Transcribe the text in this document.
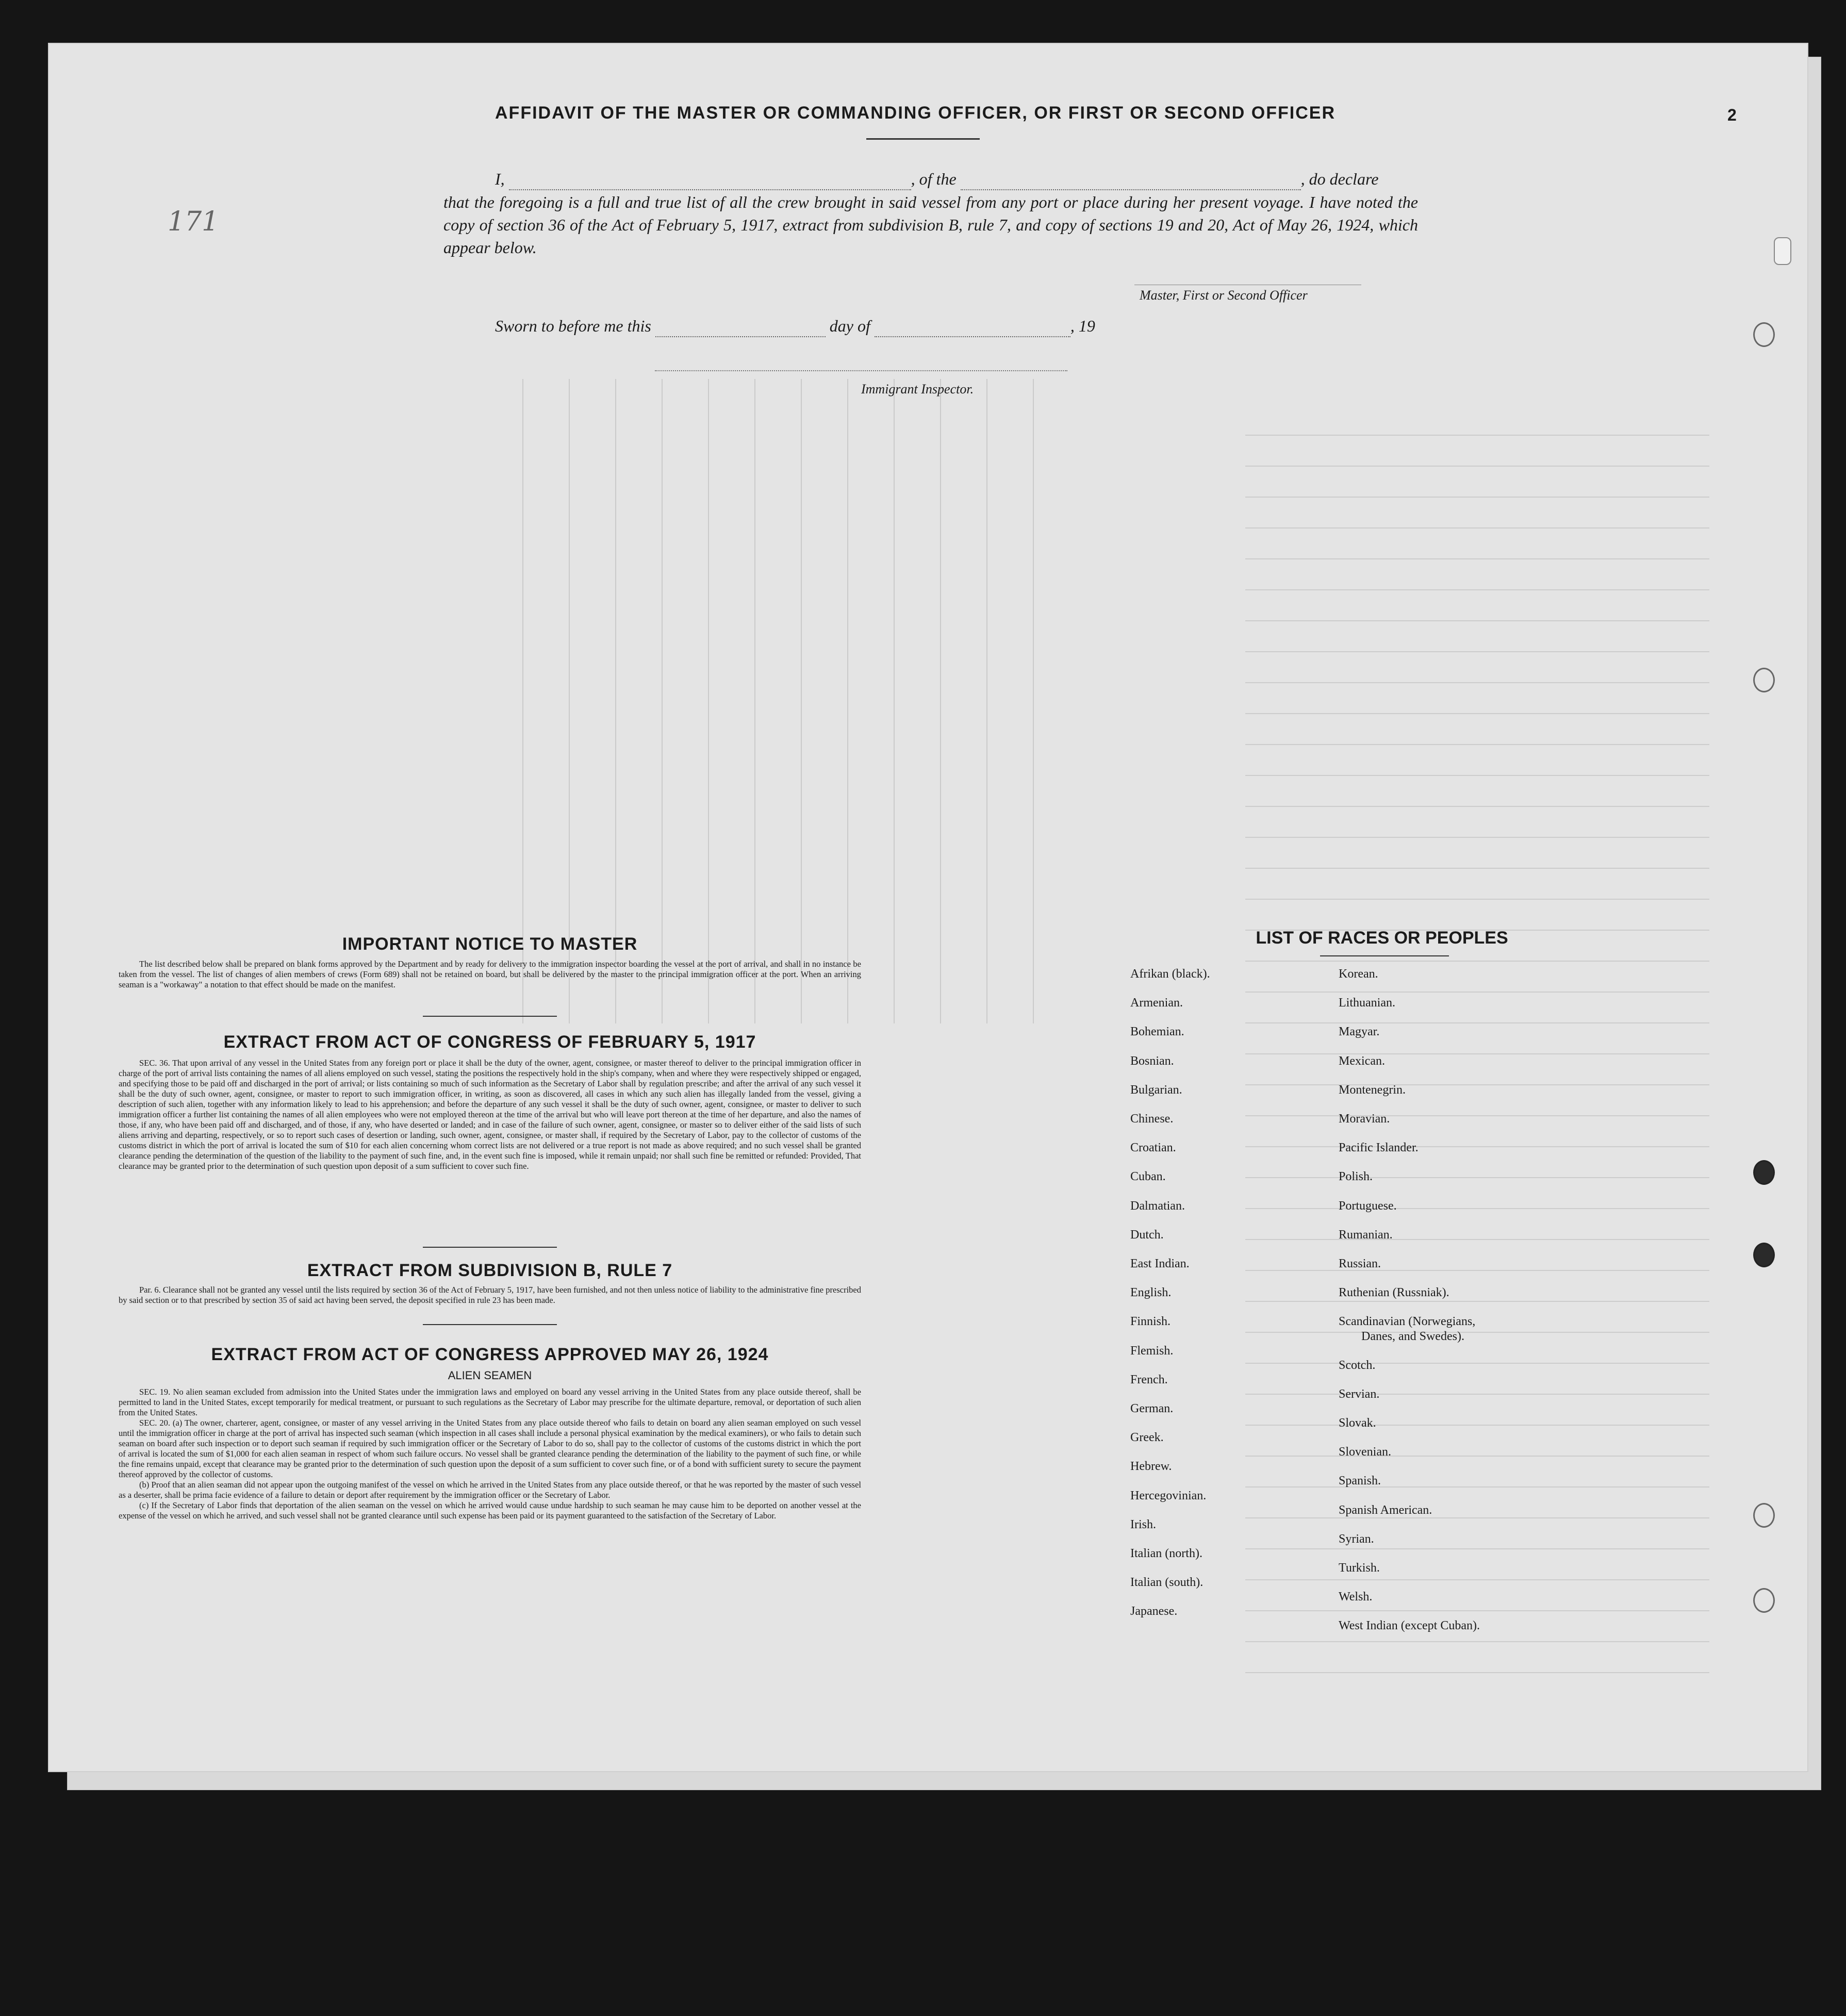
AFFIDAVIT OF THE MASTER OR COMMANDING OFFICER, OR FIRST OR SECOND OFFICER
I,	, of the	, do declare
that the foregoing is a full and true list of all the crew brought in said vessel from any port or place during her present voyage. I have noted the copy of section 36 of the Act of February 5, 1917, extract from subdivision B, rule 7, and copy of sections 19 and 20, Act of May 26, 1924, which appear below.
Master, First or Second Officer
Sworn to before me this	day of	, 19
Immigrant Inspector.
171
2
IMPORTANT NOTICE TO MASTER

The list described below shall be prepared on blank forms approved by the Department and by ready for delivery to the immigration inspector boarding the vessel at the port of arrival, and shall in no instance be taken from the vessel. The list of changes of alien members of crews (Form 689) shall not be retained on board, but shall be delivered by the master to the principal immigration officer at the port. When an arriving seaman is a "workaway" a notation to that effect should be made on the manifest.

EXTRACT FROM ACT OF CONGRESS OF FEBRUARY 5, 1917

SEC. 36. That upon arrival of any vessel in the United States from any foreign port or place it shall be the duty of the owner, agent, consignee, or master thereof to deliver to the principal immigration officer in charge of the port of arrival lists containing the names of all aliens employed on such vessel, stating the positions the respectively hold in the ship's company, when and where they were respectively shipped or engaged, and specifying those to be paid off and discharged in the port of arrival; or lists containing so much of such information as the Secretary of Labor shall by regulation prescribe; and after the arrival of any such vessel it shall be the duty of such owner, agent, consignee, or master to report to such immigration officer, in writing, as soon as discovered, all cases in which any such alien has illegally landed from the vessel, giving a description of such alien, together with any information likely to lead to his apprehension; and before the departure of any such vessel it shall be the duty of such owner, agent, consignee, or master to deliver to such immigration officer a further list containing the names of all alien employees who were not employed thereon at the time of the arrival but who will leave port thereon at the time of her departure, and also the names of those, if any, who have been paid off and discharged, and of those, if any, who have deserted or landed; and in case of the failure of such owner, agent, consignee, or master so to deliver either of the said lists of such aliens arriving and departing, respectively, or so to report such cases of desertion or landing, such owner, agent, consignee, or master shall, if required by the Secretary of Labor, pay to the collector of customs of the customs district in which the port of arrival is located the sum of $10 for each alien concerning whom correct lists are not delivered or a true report is not made as above required; and no such vessel shall be granted clearance pending the determination of the question of the liability to the payment of such fine, and, in the event such fine is imposed, while it remain unpaid; nor shall such fine be remitted or refunded: Provided, That clearance may be granted prior to the determination of such question upon deposit of a sum sufficient to cover such fine.

EXTRACT FROM SUBDIVISION B, RULE 7

Par. 6. Clearance shall not be granted any vessel until the lists required by section 36 of the Act of February 5, 1917, have been furnished, and not then unless notice of liability to the administrative fine prescribed by said section or to that prescribed by section 35 of said act having been served, the deposit specified in rule 23 has been made.

EXTRACT FROM ACT OF CONGRESS APPROVED MAY 26, 1924
ALIEN SEAMEN

SEC. 19. No alien seaman excluded from admission into the United States under the immigration laws and employed on board any vessel arriving in the United States from any place outside thereof, shall be permitted to land in the United States, except temporarily for medical treatment, or pursuant to such regulations as the Secretary of Labor may prescribe for the ultimate departure, removal, or deportation of such alien from the United States.

SEC. 20. (a) The owner, charterer, agent, consignee, or master of any vessel arriving in the United States from any place outside thereof who fails to detain on board any alien seaman employed on such vessel until the immigration officer in charge at the port of arrival has inspected such seaman (which inspection in all cases shall include a personal physical examination by the medical examiners), or who fails to detain such seaman on board after such inspection or to deport such seaman if required by such immigration officer or the Secretary of Labor to do so, shall pay to the collector of customs of the customs district in which the port of arrival is located the sum of $1,000 for each alien seaman in respect of whom such failure occurs. No vessel shall be granted clearance pending the determination of the liability to the payment of such fine, or while the fine remains unpaid, except that clearance may be granted prior to the determination of such question upon the deposit of a sum sufficient to cover such fine, or of a bond with sufficient surety to secure the payment thereof approved by the collector of customs.

(b) Proof that an alien seaman did not appear upon the outgoing manifest of the vessel on which he arrived in the United States from any place outside thereof, or that he was reported by the master of such vessel as a deserter, shall be prima facie evidence of a failure to detain or deport after requirement by the immigration officer or the Secretary of Labor.

(c) If the Secretary of Labor finds that deportation of the alien seaman on the vessel on which he arrived would cause undue hardship to such seaman he may cause him to be deported on another vessel at the expense of the vessel on which he arrived, and such vessel shall not be granted clearance until such expense has been paid or its payment guaranteed to the satisfaction of the Secretary of Labor.

LIST OF RACES OR PEOPLES
Afrikan (black).
Armenian.
Bohemian.
Bosnian.
Bulgarian.
Chinese.
Croatian.
Cuban.
Dalmatian.
Dutch.
East Indian.
English.
Finnish.
Flemish.
French.
German.
Greek.
Hebrew.
Hercegovinian.
Irish.
Italian (north).
Italian (south).
Japanese.
Korean.
Lithuanian.
Magyar.
Mexican.
Montenegrin.
Moravian.
Pacific Islander.
Polish.
Portuguese.
Rumanian.
Russian.
Ruthenian (Russniak).
Scandinavian (Norwegians,
Danes, and Swedes).
Scotch.
Servian.
Slovak.
Slovenian.
Spanish.
Spanish American.
Syrian.
Turkish.
Welsh.
West Indian (except Cuban).
